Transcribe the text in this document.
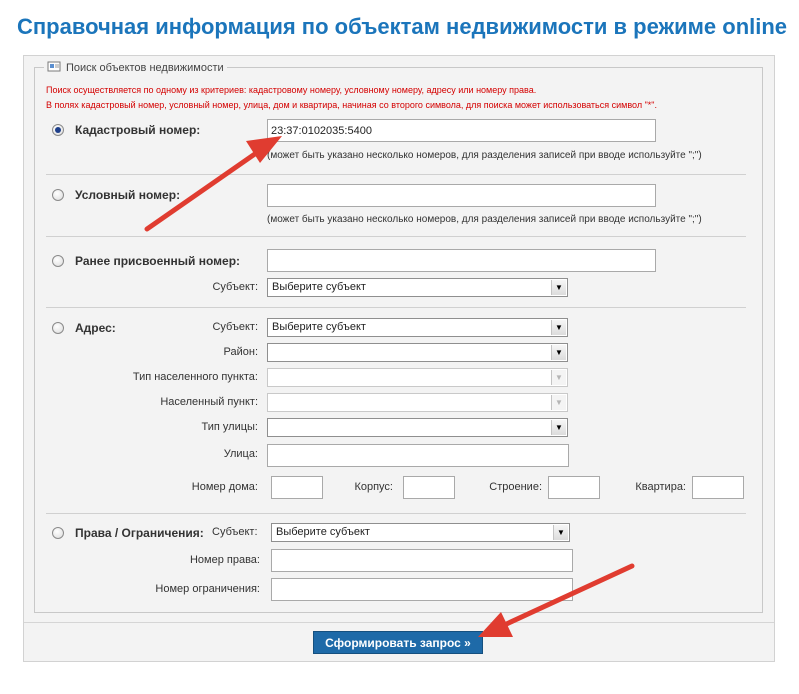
Справочная информация по объектам недвижимости в режиме online
Поиск объектов недвижимости
Поиск осуществляется по одному из критериев: кадастровому номеру, условному номеру, адресу или номеру права.
В полях кадастровый номер, условный номер, улица, дом и квартира, начиная со второго символа, для поиска может использоваться символ "*".
Кадастровый номер:
23:37:0102035:5400
(может быть указано несколько номеров, для разделения записей при вводе используйте ";")
Условный номер:
(может быть указано несколько номеров, для разделения записей при вводе используйте ";")
Ранее присвоенный номер:
Субъект: Выберите субъект	▼
Адрес:	Субъект: Выберите субъект	▼
Район:	▼
Тип населенного пункта:	▼
Населенный пункт:	▼
Тип улицы:	▼
Улица:
Номер дома:	Корпус:	Строение:	Квартира:
Права / Ограничения: Субъект: Выберите субъект	▼
Номер права:
Номер ограничения:
Сформировать запрос »
